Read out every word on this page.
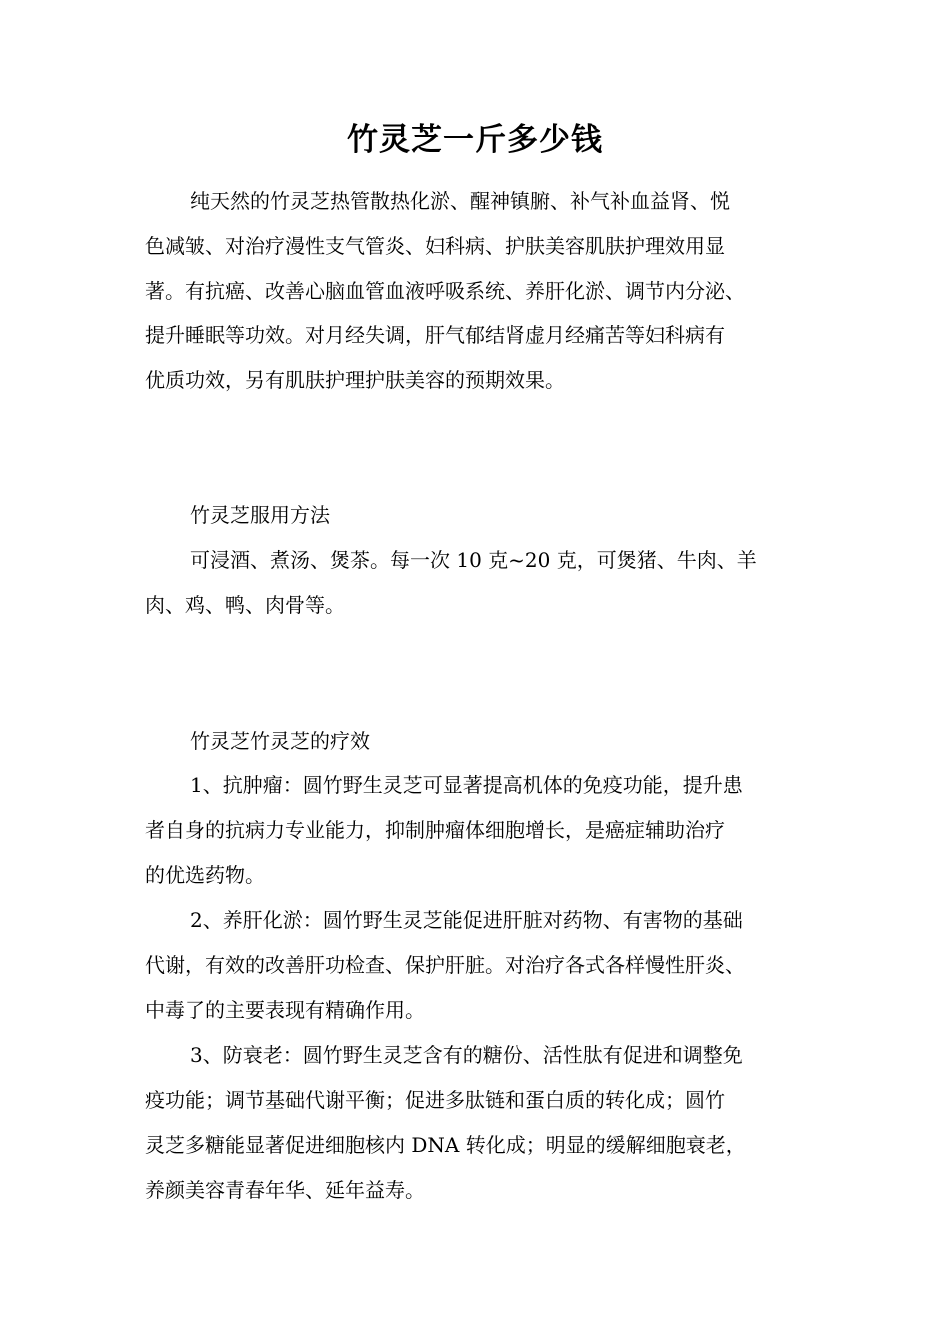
竹灵芝一斤多少钱

纯天然的竹灵芝热管散热化淤、醒神镇腑、补气补血益肾、悦

色减皱、对治疗漫性支气管炎、妇科病、护肤美容肌肤护理效用显

著。有抗癌、改善心脑血管血液呼吸系统、养肝化淤、调节内分泌、

提升睡眠等功效。对月经失调，肝气郁结肾虚月经痛苦等妇科病有

优质功效，另有肌肤护理护肤美容的预期效果。

竹灵芝服用方法

可浸酒、煮汤、煲茶。每一次 10 克~20 克，可煲猪、牛肉、羊

肉、鸡、鸭、肉骨等。

竹灵芝竹灵芝的疗效

1、抗肿瘤：圆竹野生灵芝可显著提高机体的免疫功能，提升患

者自身的抗病力专业能力，抑制肿瘤体细胞增长，是癌症辅助治疗

的优选药物。

2、养肝化淤：圆竹野生灵芝能促进肝脏对药物、有害物的基础

代谢，有效的改善肝功检查、保护肝脏。对治疗各式各样慢性肝炎、

中毒了的主要表现有精确作用。

3、防衰老：圆竹野生灵芝含有的糖份、活性肽有促进和调整免

疫功能；调节基础代谢平衡；促进多肽链和蛋白质的转化成；圆竹

灵芝多糖能显著促进细胞核内 DNA 转化成；明显的缓解细胞衰老，

养颜美容青春年华、延年益寿。
